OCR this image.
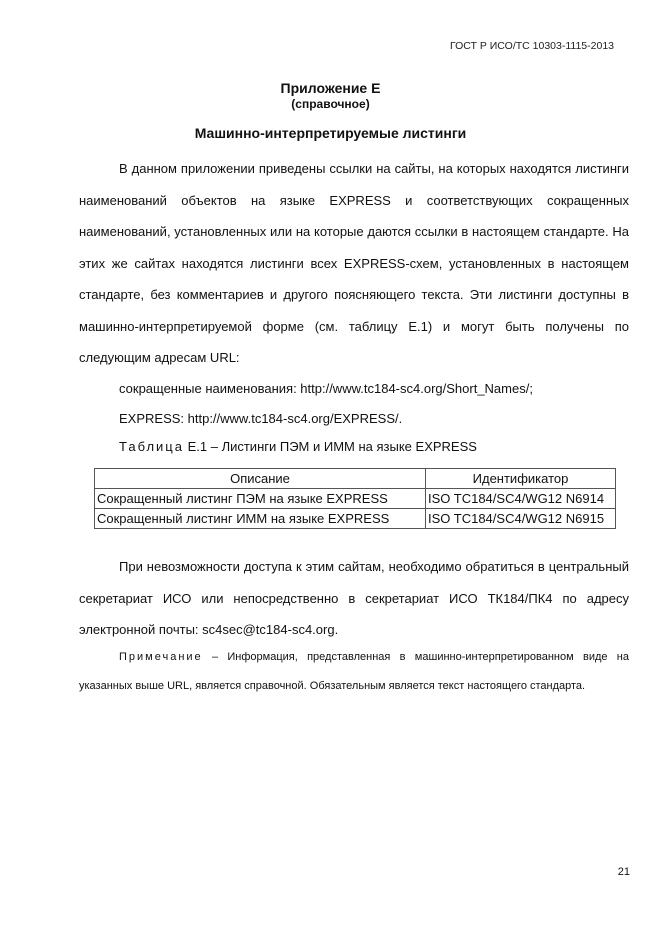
ГОСТ Р ИСО/ТС 10303-1115-2013
Приложение Е
(справочное)
Машинно-интерпретируемые листинги

В данном приложении приведены ссылки на сайты, на которых находятся листинги наименований объектов на языке EXPRESS и соответствующих сокращенных наименований, установленных или на которые даются ссылки в настоящем стандарте. На этих же сайтах находятся листинги всех EXPRESS-схем, установленных в настоящем стандарте, без комментариев и другого поясняющего текста. Эти листинги доступны в машинно-интерпретируемой форме (см. таблицу Е.1) и могут быть получены по следующим адресам URL:

сокращенные наименования: http://www.tc184-sc4.org/Short_Names/;

EXPRESS: http://www.tc184-sc4.org/EXPRESS/.

Таблица Е.1 – Листинги ПЭМ и ИММ на языке EXPRESS

Описание	Идентификатор
Сокращенный листинг ПЭМ на языке EXPRESS	ISO TC184/SC4/WG12 N6914
Сокращенный листинг ИММ на языке EXPRESS	ISO TC184/SC4/WG12 N6915

При невозможности доступа к этим сайтам, необходимо обратиться в центральный секретариат ИСО или непосредственно в секретариат ИСО ТК184/ПК4 по адресу электронной почты: sc4sec@tc184-sc4.org.

Примечание – Информация, представленная в машинно-интерпретированном виде на указанных выше URL, является справочной. Обязательным является текст настоящего стандарта.

21
